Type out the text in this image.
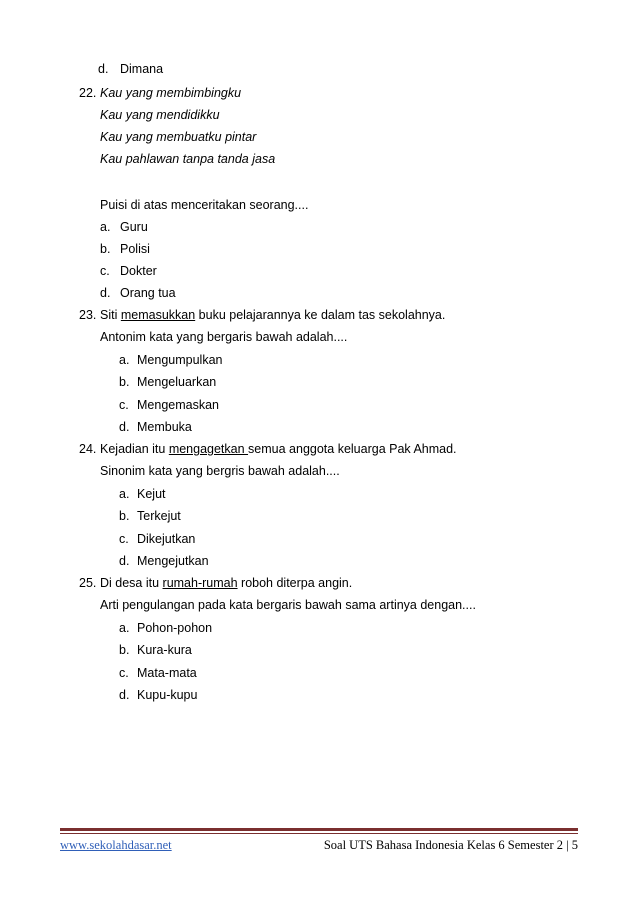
d. Dimana
22. Kau yang membimbingku
Kau yang mendidikku
Kau yang membuatku pintar
Kau pahlawan tanpa tanda jasa
Puisi di atas menceritakan seorang....
a. Guru
b. Polisi
c. Dokter
d. Orang tua
23. Siti memasukkan buku pelajarannya ke dalam tas sekolahnya.
Antonim kata yang bergaris bawah adalah....
a. Mengumpulkan
b. Mengeluarkan
c. Mengemaskan
d. Membuka
24. Kejadian itu mengagetkan semua anggota keluarga Pak Ahmad.
Sinonim kata yang bergris bawah adalah....
a. Kejut
b. Terkejut
c. Dikejutkan
d. Mengejutkan
25. Di desa itu rumah-rumah roboh diterpa angin.
Arti pengulangan pada kata bergaris bawah sama artinya dengan....
a. Pohon-pohon
b. Kura-kura
c. Mata-mata
d. Kupu-kupu
www.sekolahdasar.net	Soal UTS Bahasa Indonesia Kelas 6 Semester 2 | 5
